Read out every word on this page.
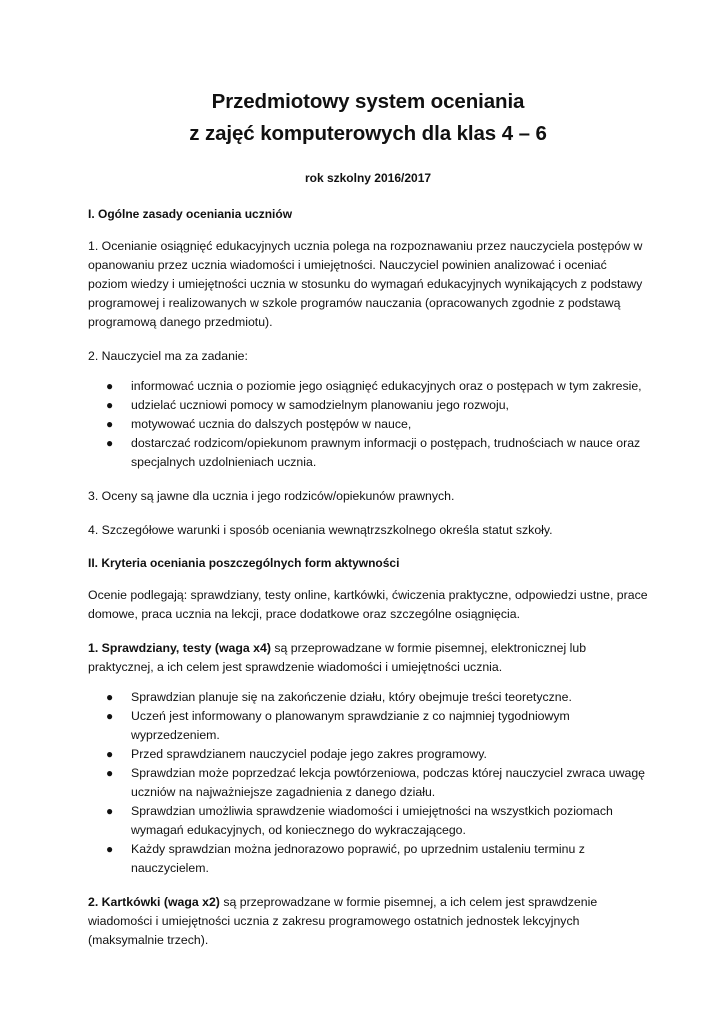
Przedmiotowy system oceniania
z zajęć komputerowych dla klas 4 – 6
rok szkolny 2016/2017
I. Ogólne zasady oceniania uczniów

1. Ocenianie osiągnięć edukacyjnych ucznia polega na rozpoznawaniu przez nauczyciela postępów w opanowaniu przez ucznia wiadomości i umiejętności. Nauczyciel powinien analizować i oceniać poziom wiedzy i umiejętności ucznia w stosunku do wymagań edukacyjnych wynikających z podstawy programowej i realizowanych w szkole programów nauczania (opracowanych zgodnie z podstawą programową danego przedmiotu).

2. Nauczyciel ma za zadanie:

● informować ucznia o poziomie jego osiągnięć edukacyjnych oraz o postępach w tym zakresie,
● udzielać uczniowi pomocy w samodzielnym planowaniu jego rozwoju,
● motywować ucznia do dalszych postępów w nauce,
● dostarczać rodzicom/opiekunom prawnym informacji o postępach, trudnościach w nauce oraz specjalnych uzdolnieniach ucznia.

3. Oceny są jawne dla ucznia i jego rodziców/opiekunów prawnych.

4. Szczegółowe warunki i sposób oceniania wewnątrzszkolnego określa statut szkoły.

II. Kryteria oceniania poszczególnych form aktywności

Ocenie podlegają: sprawdziany, testy online, kartkówki, ćwiczenia praktyczne, odpowiedzi ustne, prace domowe, praca ucznia na lekcji, prace dodatkowe oraz szczególne osiągnięcia.

1. Sprawdziany, testy (waga x4) są przeprowadzane w formie pisemnej, elektronicznej lub praktycznej, a ich celem jest sprawdzenie wiadomości i umiejętności ucznia.

● Sprawdzian planuje się na zakończenie działu, który obejmuje treści teoretyczne.
● Uczeń jest informowany o planowanym sprawdzianie z co najmniej tygodniowym wyprzedzeniem.
● Przed sprawdzianem nauczyciel podaje jego zakres programowy.
● Sprawdzian może poprzedzać lekcja powtórzeniowa, podczas której nauczyciel zwraca uwagę uczniów na najważniejsze zagadnienia z danego działu.
● Sprawdzian umożliwia sprawdzenie wiadomości i umiejętności na wszystkich poziomach wymagań edukacyjnych, od koniecznego do wykraczającego.
● Każdy sprawdzian można jednorazowo poprawić, po uprzednim ustaleniu terminu z nauczycielem.

2. Kartkówki (waga x2) są przeprowadzane w formie pisemnej, a ich celem jest sprawdzenie wiadomości i umiejętności ucznia z zakresu programowego ostatnich jednostek lekcyjnych (maksymalnie trzech).
